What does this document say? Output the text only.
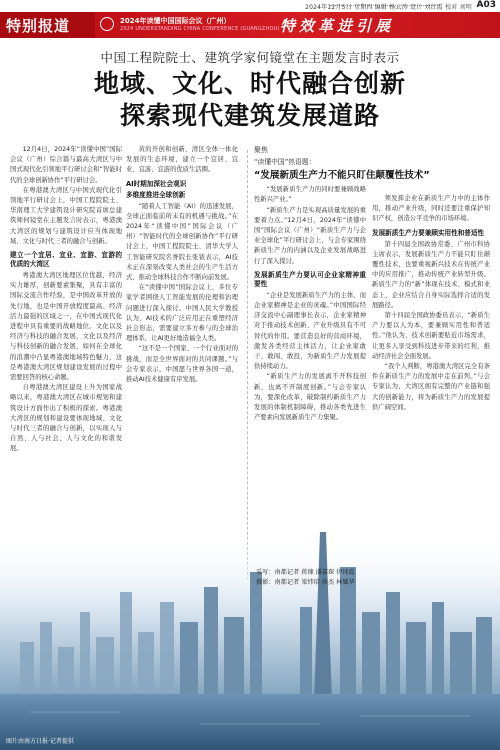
2024年12月5日 星期四 编辑 杨云涛 设计 刘红霞 校对 刘明 A03
特别报道	2024年读懂中国国际会议（广州）
2024 UNDERSTANDING CHINA CONFERENCE (GUANGZHOU) 特效革进引展
中国工程院院士、建筑学家何镜堂在主题发言时表示
地域、文化、时代融合创新
探索现代建筑发展道路

12月4日，2024年“读懂中国”国际会议（广州）综合篇与最高大湾区与中国式现代化引领地平行研讨会和“智能时代的全球创新协作”平行研讨会。

在粤港澳大湾区与中国式现代化引领地平行研讨会上，中国工程院院士、华南理工大学建筑设计研究院首席总建筑师何镜堂在主题发言时表示，粤港澳大湾区的规划与建筑设计应当体现地域、文化与时代三者的融合与创新。

建立一个宜居、宜业、宜游、宜游的优质的大湾区

粤港澳大湾区地理区位优越，经济实力雄厚，创新要素集聚，具有丰富的国际交流合作经验，是中国改革开放的先行地，也是中国开放程度最高、经济活力最强的区域之一，在中国式现代化进程中具有重要的战略地位。文化以及经济与科技的融合发展，文化以及经济与科技创新的融合发展，如何在全球化的浪潮中凸显粤港澳地域特色魅力，这是粤港澳大湾区规划建设发展的过程中需要回答的核心命题。

自粤港澳大湾区建设上升为国家战略以来，粤港澳大湾区在城市规划和建筑设计方面作出了积极的探索。粤港澳大湾区的规划和建设要体现地域、文化与时代三者的融合与创新，以实现人与自然、人与社会、人与文化的和谐发展。

黄的开创和创新，湾区全体一体化发展的生态环境，建立一个宜居、宜业、宜游、宜游的优质生活圈。

AI时期加深社会观识
多维度推进全球创新

“随着人工智能（AI）的迅速发展，全球正面临前所未有的机遇与挑战。”在2024年“读懂中国”国际会议（广州）“智能时代的全球创新协作”平行研讨会上，中国工程院院士、清华大学人工智能研究院名誉院长张钹表示，AI技术正在深刻改变人类社会的生产生活方式，推动全球科技合作不断向前发展。

在“读懂中国”国际会议上，多位专家学者围绕人工智能发展的伦理和治理问题进行深入探讨。中国人民大学教授认为，AI技术的广泛应用正在重塑经济社会形态，需要建立多方参与的全球治理体系，让AI更好地造福全人类。

“这不是一个国家、一个行业面对的挑战，而是全世界面对的共同课题。”与会专家表示，中国愿与世界各国一道，推动AI技术健康有序发展。

聚焦
“读懂中国”热语题：
“发展新质生产力不能只盯住颠覆性技术”

“发展新质生产力的同时要兼顾战略性新兴产业。”

“新质生产力是实现高质量发展的重要着力点。”12月4日，2024年“读懂中国”国际会议（广州）“新质生产力与企业全球化”平行研讨会上，与会专家围绕新质生产力的内涵以及企业发展战略进行了深入探讨。

发展新质生产力要认可企业家精神重要性

“企业是发展新质生产力的主体，而企业家精神是企业的灵魂。”中国国际经济交流中心副理事长表示，企业家精神对于推动技术创新、产业升级具有不可替代的作用。要营造良好的营商环境，激发各类经营主体活力，让企业家敢干、敢闯、敢投，为新质生产力发展提供持续动力。

“新质生产力的发展离不开科技创新，也离不开制度创新。”与会专家认为，要深化改革，破除制约新质生产力发展的体制机制障碍，推动各类先进生产要素向发展新质生产力集聚。

须发挥企业在新质生产力中的主体作用，推动产业升级，同时还要注重保护知识产权，创造公平竞争的市场环境。

发展新质生产力要兼顾实用性和普适性

第十四届全国政协常委、广州市科协主席表示，发展新质生产力不能只盯住颠覆性技术，也要重视新兴技术在传统产业中的应用推广，推动传统产业转型升级。新质生产力的“新”体现在技术、模式和业态上，企业应结合自身实际选择合适的发展路径。

第十四届全国政协委员表示，“新质生产力要以人为本，要兼顾实用性和普适性。”他认为，技术创新要贴近市场需求，让更多人享受到科技进步带来的红利，推动经济社会全面发展。

“我个人判断，粤港澳大湾区完全有条件在新质生产力的发展中走在前列。”与会专家认为，大湾区拥有完整的产业链和强大的创新能力，将为新质生产力的发展提供广阔空间。

采写：南都记者 蒋臻 潘嘉琛 伊纯霞
摄影：南都记者 梁炜培 徐杰 林耀华
图片由南方日报·记者提供
